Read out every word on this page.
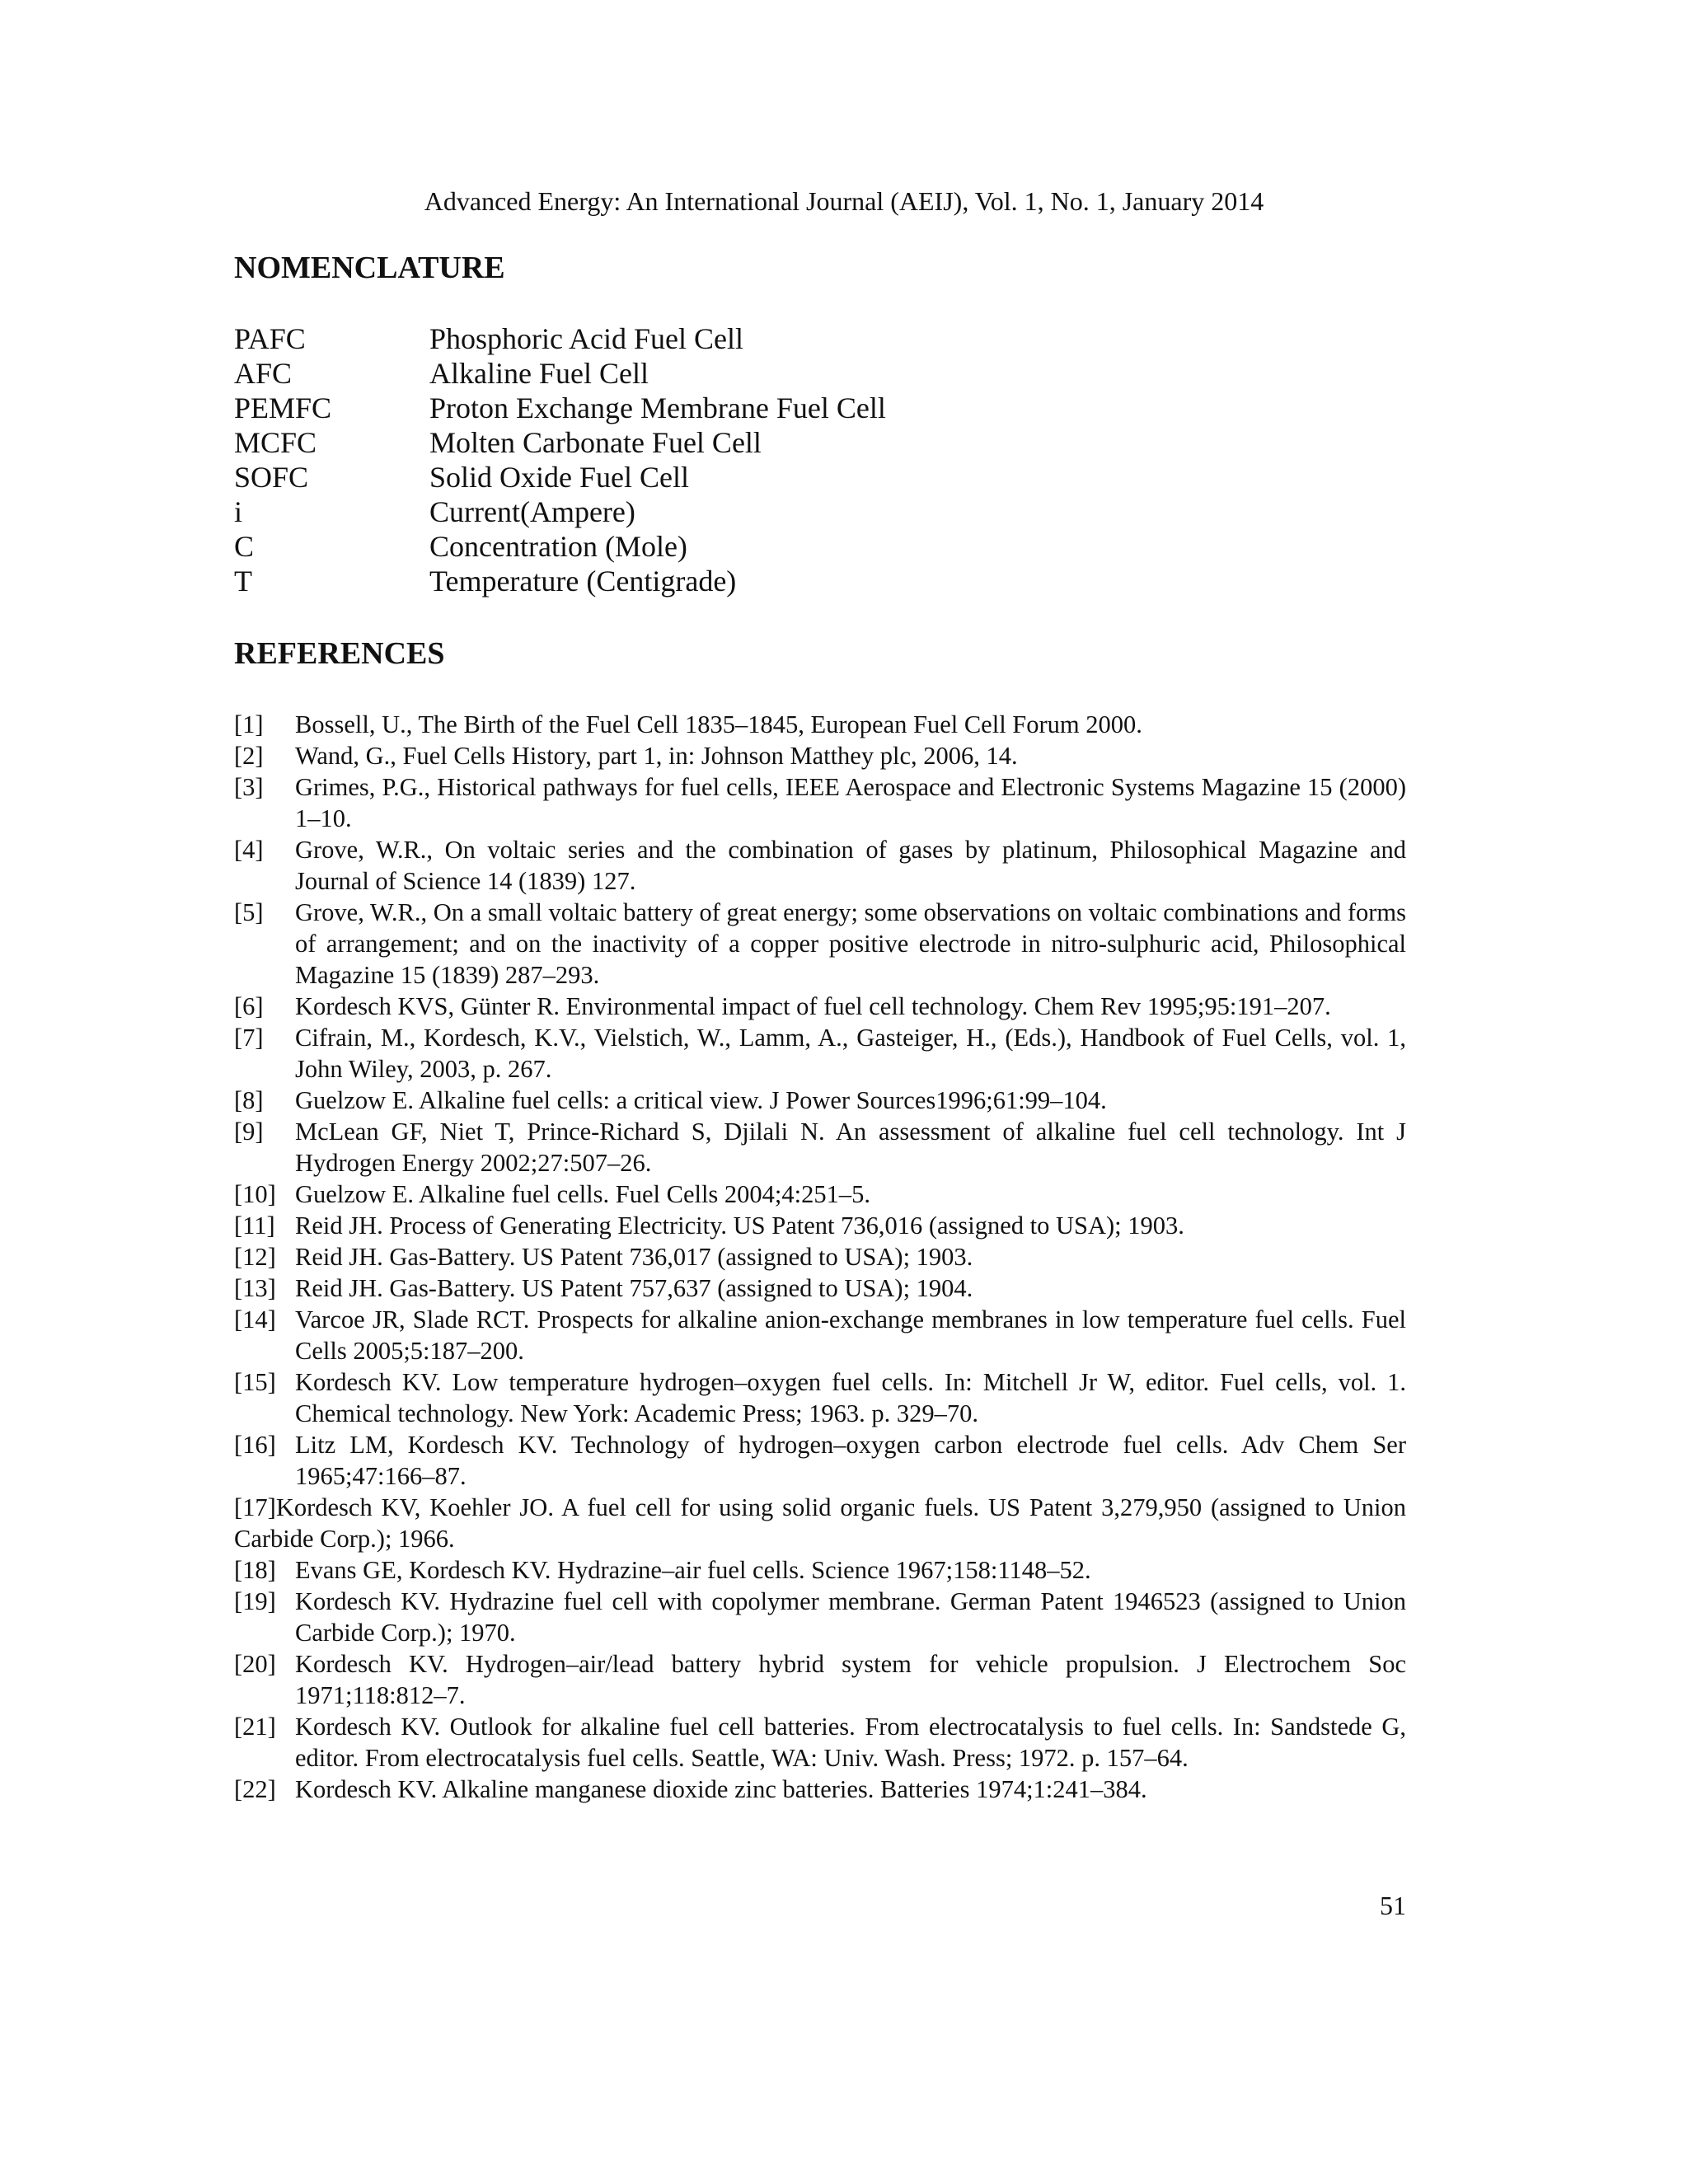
Advanced Energy: An International Journal (AEIJ), Vol. 1, No. 1, January 2014
NOMENCLATURE
PAFC	Phosphoric Acid Fuel Cell
AFC	Alkaline Fuel Cell
PEMFC	Proton Exchange Membrane Fuel Cell
MCFC	Molten Carbonate Fuel Cell
SOFC	Solid Oxide Fuel Cell
i	Current(Ampere)
C	Concentration (Mole)
T	Temperature (Centigrade)
REFERENCES
[1] Bossell, U., The Birth of the Fuel Cell 1835–1845, European Fuel Cell Forum 2000.
[2] Wand, G., Fuel Cells History, part 1, in: Johnson Matthey plc, 2006, 14.
[3] Grimes, P.G., Historical pathways for fuel cells, IEEE Aerospace and Electronic Systems Magazine 15 (2000) 1–10.
[4] Grove, W.R., On voltaic series and the combination of gases by platinum, Philosophical Magazine and Journal of Science 14 (1839) 127.
[5] Grove, W.R., On a small voltaic battery of great energy; some observations on voltaic combinations and forms of arrangement; and on the inactivity of a copper positive electrode in nitro-sulphuric acid, Philosophical Magazine 15 (1839) 287–293.
[6] Kordesch KVS, Günter R. Environmental impact of fuel cell technology. Chem Rev 1995;95:191–207.
[7] Cifrain, M., Kordesch, K.V., Vielstich, W., Lamm, A., Gasteiger, H., (Eds.), Handbook of Fuel Cells, vol. 1, John Wiley, 2003, p. 267.
[8] Guelzow E. Alkaline fuel cells: a critical view. J Power Sources1996;61:99–104.
[9] McLean GF, Niet T, Prince-Richard S, Djilali N. An assessment of alkaline fuel cell technology. Int J Hydrogen Energy 2002;27:507–26.
[10] Guelzow E. Alkaline fuel cells. Fuel Cells 2004;4:251–5.
[11] Reid JH. Process of Generating Electricity. US Patent 736,016 (assigned to USA); 1903.
[12] Reid JH. Gas-Battery. US Patent 736,017 (assigned to USA); 1903.
[13] Reid JH. Gas-Battery. US Patent 757,637 (assigned to USA); 1904.
[14] Varcoe JR, Slade RCT. Prospects for alkaline anion-exchange membranes in low temperature fuel cells. Fuel Cells 2005;5:187–200.
[15] Kordesch KV. Low temperature hydrogen–oxygen fuel cells. In: Mitchell Jr W, editor. Fuel cells, vol. 1. Chemical technology. New York: Academic Press; 1963. p. 329–70.
[16] Litz LM, Kordesch KV. Technology of hydrogen–oxygen carbon electrode fuel cells. Adv Chem Ser 1965;47:166–87.
[17]Kordesch KV, Koehler JO. A fuel cell for using solid organic fuels. US Patent 3,279,950 (assigned to Union Carbide Corp.); 1966.
[18] Evans GE, Kordesch KV. Hydrazine–air fuel cells. Science 1967;158:1148–52.
[19] Kordesch KV. Hydrazine fuel cell with copolymer membrane. German Patent 1946523 (assigned to Union Carbide Corp.); 1970.
[20] Kordesch KV. Hydrogen–air/lead battery hybrid system for vehicle propulsion. J Electrochem Soc 1971;118:812–7.
[21] Kordesch KV. Outlook for alkaline fuel cell batteries. From electrocatalysis to fuel cells. In: Sandstede G, editor. From electrocatalysis fuel cells. Seattle, WA: Univ. Wash. Press; 1972. p. 157–64.
[22] Kordesch KV. Alkaline manganese dioxide zinc batteries. Batteries 1974;1:241–384.
51
